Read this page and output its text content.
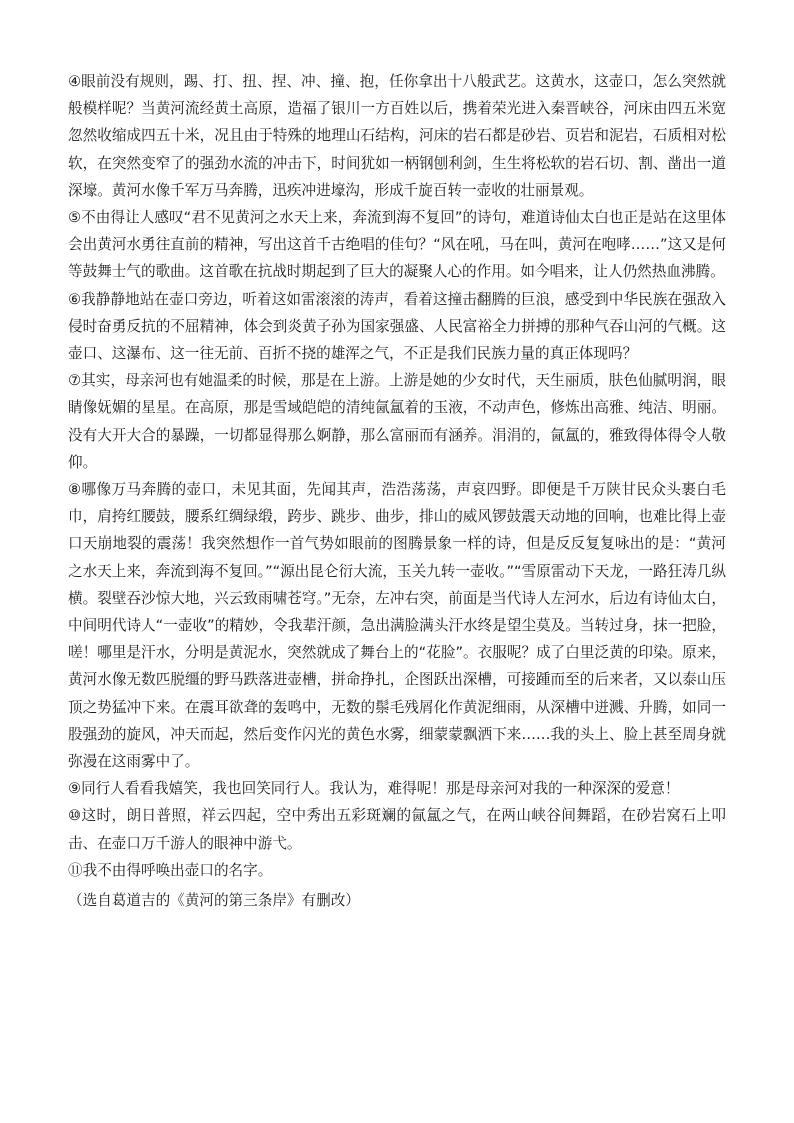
④眼前没有规则，踢、打、扭、捏、冲、撞、抱，任你拿出十八般武艺。这黄水，这壶口，怎么突然就般模样呢？当黄河流经黄土高原，造福了银川一方百姓以后，携着荣光进入秦晋峡谷，河床由四五米宽忽然收缩成四五十米，况且由于特殊的地理山石结构，河床的岩石都是砂岩、页岩和泥岩，石质相对松软，在突然变窄了的强劲水流的冲击下，时间犹如一柄钢刨利剑，生生将松软的岩石切、割、凿出一道深壕。黄河水像千军万马奔腾，迅疾冲进壕沟，形成千旋百转一壶收的壮丽景观。

⑤不由得让人感叹“君不见黄河之水天上来，奔流到海不复回”的诗句，难道诗仙太白也正是站在这里体会出黄河水勇往直前的精神，写出这首千古绝唱的佳句？“风在吼，马在叫，黄河在咆哮……”这又是何等鼓舞士气的歌曲。这首歌在抗战时期起到了巨大的凝聚人心的作用。如今唱来，让人仍然热血沸腾。

⑥我静静地站在壶口旁边，听着这如雷滚滚的涛声，看着这撞击翻腾的巨浪，感受到中华民族在强敌入侵时奋勇反抗的不屈精神，体会到炎黄子孙为国家强盛、人民富裕全力拼搏的那种气吞山河的气概。这壶口、这瀑布、这一往无前、百折不挠的雄浑之气，不正是我们民族力量的真正体现吗？

⑦其实，母亲河也有她温柔的时候，那是在上游。上游是她的少女时代，天生丽质，肤色仙腻明润，眼睛像妩媚的星星。在高原，那是雪域皑皑的清纯氤氲着的玉液，不动声色，修炼出高雅、纯洁、明丽。没有大开大合的暴躁，一切都显得那么婀静，那么富丽而有涵养。涓涓的，氤氲的，雅致得体得令人敬仰。

⑧哪像万马奔腾的壶口，未见其面，先闻其声，浩浩荡荡，声哀四野。即便是千万陕甘民众头裹白毛巾，肩挎红腰鼓，腰系红绸绿缎，跨步、跳步、曲步，排山的威风锣鼓震天动地的回响，也难比得上壶口天崩地裂的震荡！我突然想作一首气势如眼前的图腾景象一样的诗，但是反反复复咏出的是：“黄河之水天上来，奔流到海不复回。”“源出昆仑衍大流，玉关九转一壶收。”“雪原雷动下天龙，一路狂涛几纵横。裂壁吞沙惊大地，兴云致雨啸苍穹。”无奈，左冲右突，前面是当代诗人左河水，后边有诗仙太白，中间明代诗人“一壶收”的精妙，令我辈汗颜，急出满脸满头汗水终是望尘莫及。当转过身，抹一把脸，嗟！哪里是汗水，分明是黄泥水，突然就成了舞台上的“花脸”。衣服呢？成了白里泛黄的印染。原来，黄河水像无数匹脱缰的野马跌落进壶槽，拼命挣扎，企图跃出深槽，可接踵而至的后来者，又以泰山压顶之势猛冲下来。在震耳欲聋的轰鸣中，无数的鬃毛残屑化作黄泥细雨，从深槽中迸溅、升腾，如同一股强劲的旋风，冲天而起，然后变作闪光的黄色水雾，细蒙蒙飘洒下来……我的头上、脸上甚至周身就弥漫在这雨雾中了。

⑨同行人看看我嬉笑，我也回笑同行人。我认为，难得呢！那是母亲河对我的一种深深的爱意！

⑩这时，朗日普照，祥云四起，空中秀出五彩斑斓的氤氲之气，在两山峡谷间舞蹈，在砂岩窝石上叩击、在壶口万千游人的眼神中游弋。

⑪我不由得呼唤出壶口的名字。

（选自葛道吉的《黄河的第三条岸》有删改）
